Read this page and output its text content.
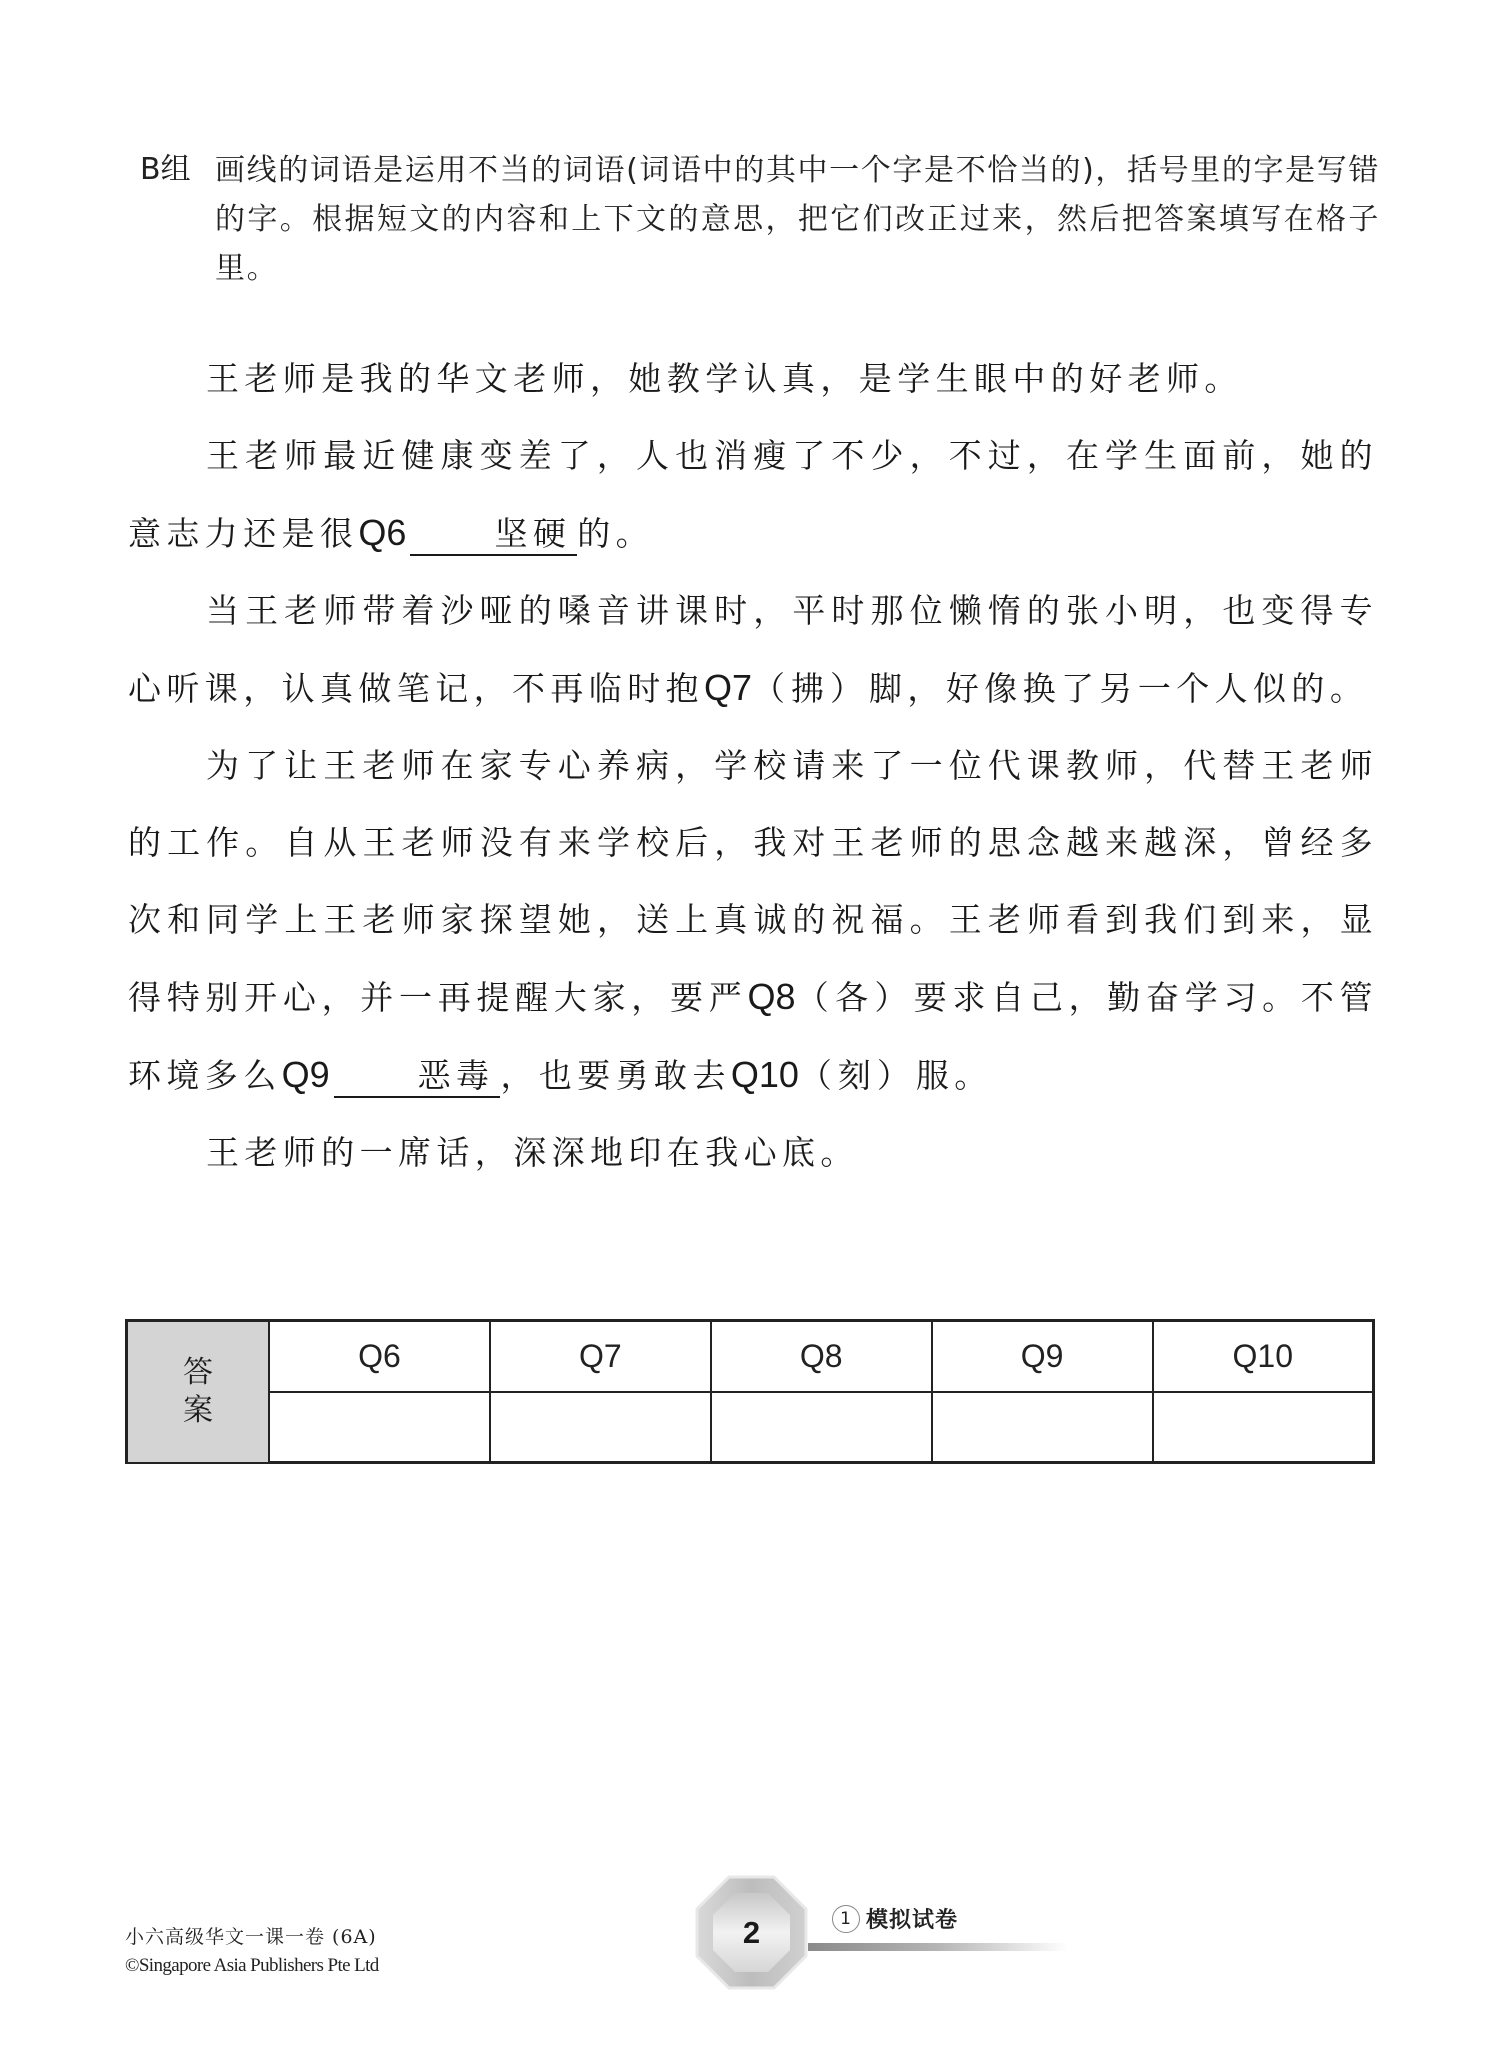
B组 画线的词语是运用不当的词语(词语中的其中一个字是不恰当的)，括号里的字是写错的字。根据短文的内容和上下文的意思，把它们改正过来，然后把答案填写在格子里。

王老师是我的华文老师，她教学认真，是学生眼中的好老师。

王老师最近健康变差了，人也消瘦了不少，不过，在学生面前，她的意志力还是很Q6	坚硬 的。

当王老师带着沙哑的嗓音讲课时，平时那位懒惰的张小明，也变得专心听课，认真做笔记，不再临时抱Q7（拂）脚，好像换了另一个人似的。

为了让王老师在家专心养病，学校请来了一位代课教师，代替王老师的工作。自从王老师没有来学校后，我对王老师的思念越来越深，曾经多次和同学上王老师家探望她，送上真诚的祝福。王老师看到我们到来，显得特别开心，并一再提醒大家，要严Q8（各）要求自己，勤奋学习。不管环境多么Q9	恶毒 ，也要勇敢去Q10（刻）服。

王老师的一席话，深深地印在我心底。

答
案	Q6	Q7	Q8	Q9	Q10

小六高级华文一课一卷 (6A)
©Singapore Asia Publishers Pte Ltd
2	1 模拟试卷
